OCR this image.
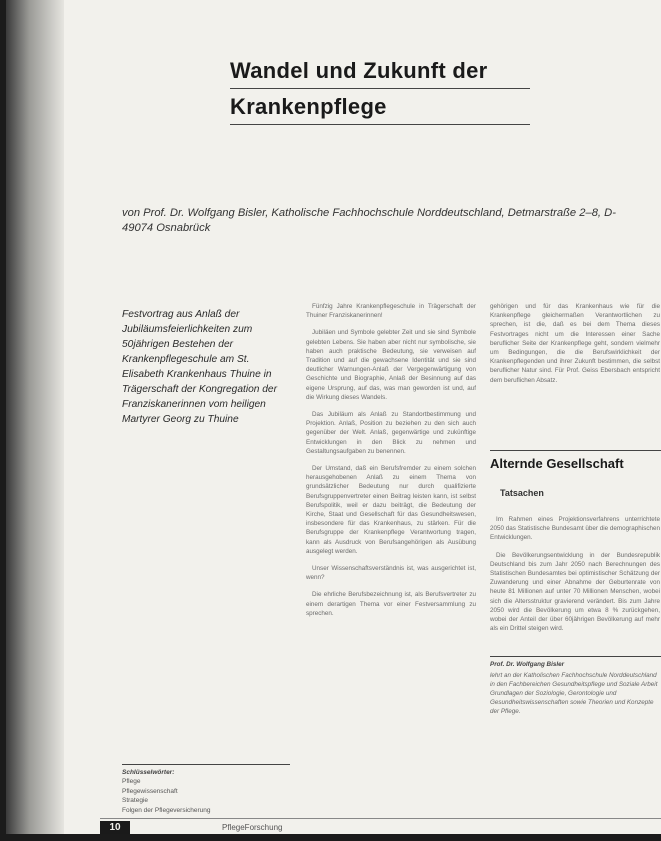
Wandel und Zukunft der
Krankenpflege
von Prof. Dr. Wolfgang Bisler, Katholische Fachhochschule Norddeutschland, Detmarstraße 2–8, D-49074 Osnabrück
Festvortrag aus Anlaß der Jubiläumsfeierlichkeiten zum 50jährigen Bestehen der Krankenpflegeschule am St. Elisabeth Krankenhaus Thuine in Trägerschaft der Kongregation der Franziskanerinnen vom heiligen Martyrer Georg zu Thuine

Fünfzig Jahre Krankenpflegeschule in Trägerschaft der Thuiner Franziskanerinnen!

Jubiläen und Symbole gelebter Zeit und sie sind Symbole gelebten Lebens. Sie haben aber nicht nur symbolische, sie haben auch praktische Bedeutung, sie verweisen auf Tradition und auf die gewachsene Identität und sie sind deutlicher Warnungen-Anlaß der Vergegenwärtigung von Geschichte und Biographie, Anlaß der Besinnung auf das eigene Ursprung, auf das, was man geworden ist und, auf die Wirkung dieses Wandels.

Das Jubiläum als Anlaß zu Standortbestimmung und Projektion. Anlaß, Position zu beziehen zu den sich auch gegenüber der Welt. Anlaß, gegenwärtige und zukünftige Entwicklungen in den Blick zu nehmen und Gestaltungsaufgaben zu benennen.

Der Umstand, daß ein Berufsfremder zu einem solchen herausgehobenen Anlaß zu einem Thema von grundsätzlicher Bedeutung nur durch qualifizierte Berufsgruppenvertreter einen Beitrag leisten kann, ist selbst Berufspolitik, weil er dazu beiträgt, die Bedeutung der Kirche, Staat und Gesellschaft für das Gesundheitswesen, insbesondere für das Krankenhaus, zu stärken. Für die Berufsgruppe der Krankenpflege Verantwortung tragen, kann als Ausdruck von Berufsangehörigen als Ausübung ausgelegt werden.

Unser Wissenschaftsverständnis ist, was ausgerichtet ist, wenn?

Die ehrliche Berufsbezeichnung ist, als Berufsvertreter zu einem derartigen Thema vor einer Festversammlung zu sprechen.

gehörigen und für das Krankenhaus wie für die Krankenpflege gleichermaßen Verantwortlichen zu sprechen, ist die, daß es bei dem Thema dieses Festvortrages nicht um die Interessen einer Sache beruflicher Seite der Krankenpflege geht, sondern vielmehr um Bedingungen, die die Berufswirklichkeit der Krankenpflegenden und ihrer Zukunft bestimmen, die selbst beruflicher Natur sind. Für Prof. Geiss Ebersbach entspricht dem beruflichen Absatz.

Alternde Gesellschaft
Tatsachen

Im Rahmen eines Projektionsverfahrens unterrichtete 2050 das Statistische Bundesamt über die demographischen Entwicklungen.

Die Bevölkerungsentwicklung in der Bundesrepublik Deutschland bis zum Jahr 2050 nach Berechnungen des Statistischen Bundesamtes bei optimistischer Schätzung der Zuwanderung und einer Abnahme der Geburtenrate von heute 81 Millionen auf unter 70 Millionen Menschen, wobei sich die Altersstruktur gravierend verändert. Bis zum Jahre 2050 wird die Bevölkerung um etwa 8 % zurückgehen, wobei der Anteil der über 60jährigen Bevölkerung auf mehr als ein Drittel steigen wird.

Prof. Dr. Wolfgang Bisler
lehrt an der Katholischen Fachhochschule Norddeutschland in den Fachbereichen Gesundheitspflege und Soziale Arbeit Grundlagen der Soziologie, Gerontologie und Gesundheitswissenschaften sowie Theorien und Konzepte der Pflege.
Schlüsselwörter:
Pflege
Pflegewissenschaft
Strategie
Folgen der Pflegeversicherung
10	PflegeForschung
